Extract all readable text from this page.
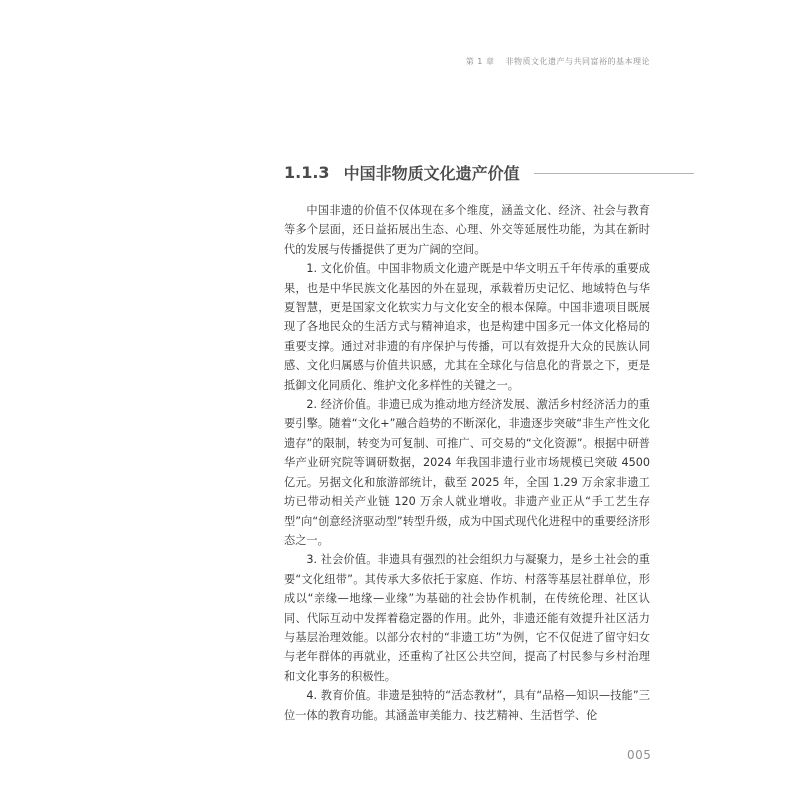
第 1 章 非物质文化遗产与共同富裕的基本理论
1.1.3 中国非物质文化遗产价值

中国非遗的价值不仅体现在多个维度，涵盖文化、经济、社会与教育等多个层面，还日益拓展出生态、心理、外交等延展性功能，为其在新时代的发展与传播提供了更为广阔的空间。

1. 文化价值。中国非物质文化遗产既是中华文明五千年传承的重要成果，也是中华民族文化基因的外在显现，承载着历史记忆、地域特色与华夏智慧，更是国家文化软实力与文化安全的根本保障。中国非遗项目既展现了各地民众的生活方式与精神追求，也是构建中国多元一体文化格局的重要支撑。通过对非遗的有序保护与传播，可以有效提升大众的民族认同感、文化归属感与价值共识感，尤其在全球化与信息化的背景之下，更是抵御文化同质化、维护文化多样性的关键之一。

2. 经济价值。非遗已成为推动地方经济发展、激活乡村经济活力的重要引擎。随着“文化+”融合趋势的不断深化，非遗逐步突破“非生产性文化遗存”的限制，转变为可复制、可推广、可交易的“文化资源”。根据中研普华产业研究院等调研数据，2024 年我国非遗行业市场规模已突破 4500 亿元。另据文化和旅游部统计，截至 2025 年，全国 1.29 万余家非遗工坊已带动相关产业链 120 万余人就业增收。非遗产业正从“手工艺生存型”向“创意经济驱动型”转型升级，成为中国式现代化进程中的重要经济形态之一。

3. 社会价值。非遗具有强烈的社会组织力与凝聚力，是乡土社会的重要“文化纽带”。其传承大多依托于家庭、作坊、村落等基层社群单位，形成以“亲缘—地缘—业缘”为基础的社会协作机制，在传统伦理、社区认同、代际互动中发挥着稳定器的作用。此外，非遗还能有效提升社区活力与基层治理效能。以部分农村的“非遗工坊”为例，它不仅促进了留守妇女与老年群体的再就业，还重构了社区公共空间，提高了村民参与乡村治理和文化事务的积极性。

4. 教育价值。非遗是独特的“活态教材”，具有“品格—知识—技能”三位一体的教育功能。其涵盖审美能力、技艺精神、生活哲学、伦

005
